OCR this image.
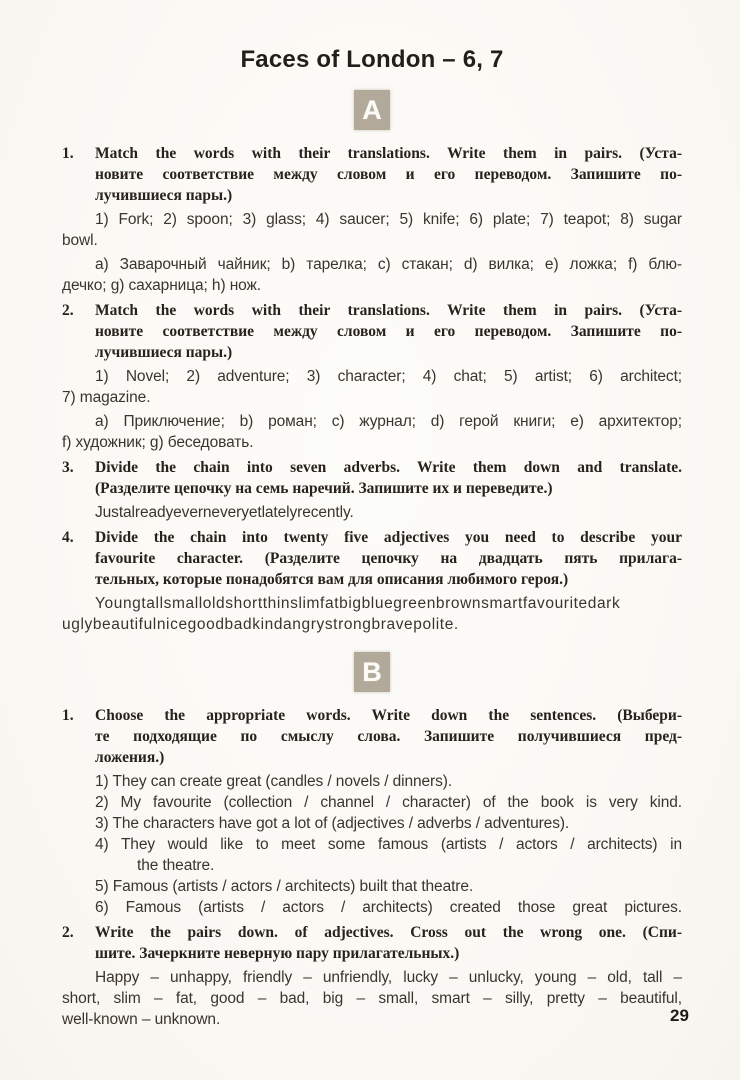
Faces of London – 6, 7
A
1. Match the words with their translations. Write them in pairs. (Уста-
новите соответствие между словом и его переводом. Запишите по-
лучившиеся пары.)
1) Fork; 2) spoon; 3) glass; 4) saucer; 5) knife; 6) plate; 7) teapot; 8) sugar
bowl.
a) Заварочный чайник; b) тарелка; c) стакан; d) вилка; e) ложка; f) блю-
дечко; g) сахарница; h) нож.
2. Match the words with their translations. Write them in pairs. (Уста-
новите соответствие между словом и его переводом. Запишите по-
лучившиеся пары.)
1) Novel; 2) adventure; 3) character; 4) chat; 5) artist; 6) architect;
7) magazine.
a) Приключение; b) роман; c) журнал; d) герой книги; e) архитектор;
f) художник; g) беседовать.
3. Divide the chain into seven adverbs. Write them down and translate.
(Разделите цепочку на семь наречий. Запишите их и переведите.)
Justalreadyeverneveryetlatelyrecently.
4. Divide the chain into twenty five adjectives you need to describe your
favourite character. (Разделите цепочку на двадцать пять прилага-
тельных, которые понадобятся вам для описания любимого героя.)
Youngtallsmalloldshortthinslimfatbigbluegreenbrownsmartfavouritedark
uglybeautifulnicegoodbadkindangrystrongbravepolite.
B
1. Choose the appropriate words. Write down the sentences. (Выбери-
те подходящие по смыслу слова. Запишите получившиеся пред-
ложения.)
1) They can create great (candles / novels / dinners).
2) My favourite (collection / channel / character) of the book is very kind.
3) The characters have got a lot of (adjectives / adverbs / adventures).
4) They would like to meet some famous (artists / actors / architects) in
the theatre.
5) Famous (artists / actors / architects) built that theatre.
6) Famous (artists / actors / architects) created those great pictures.
2. Write the pairs down. of adjectives. Cross out the wrong one. (Спи-
шите. Зачеркните неверную пару прилагательных.)
Happy – unhappy, friendly – unfriendly, lucky – unlucky, young – old, tall –
short, slim – fat, good – bad, big – small, smart – silly, pretty – beautiful,
well-known – unknown.	29
